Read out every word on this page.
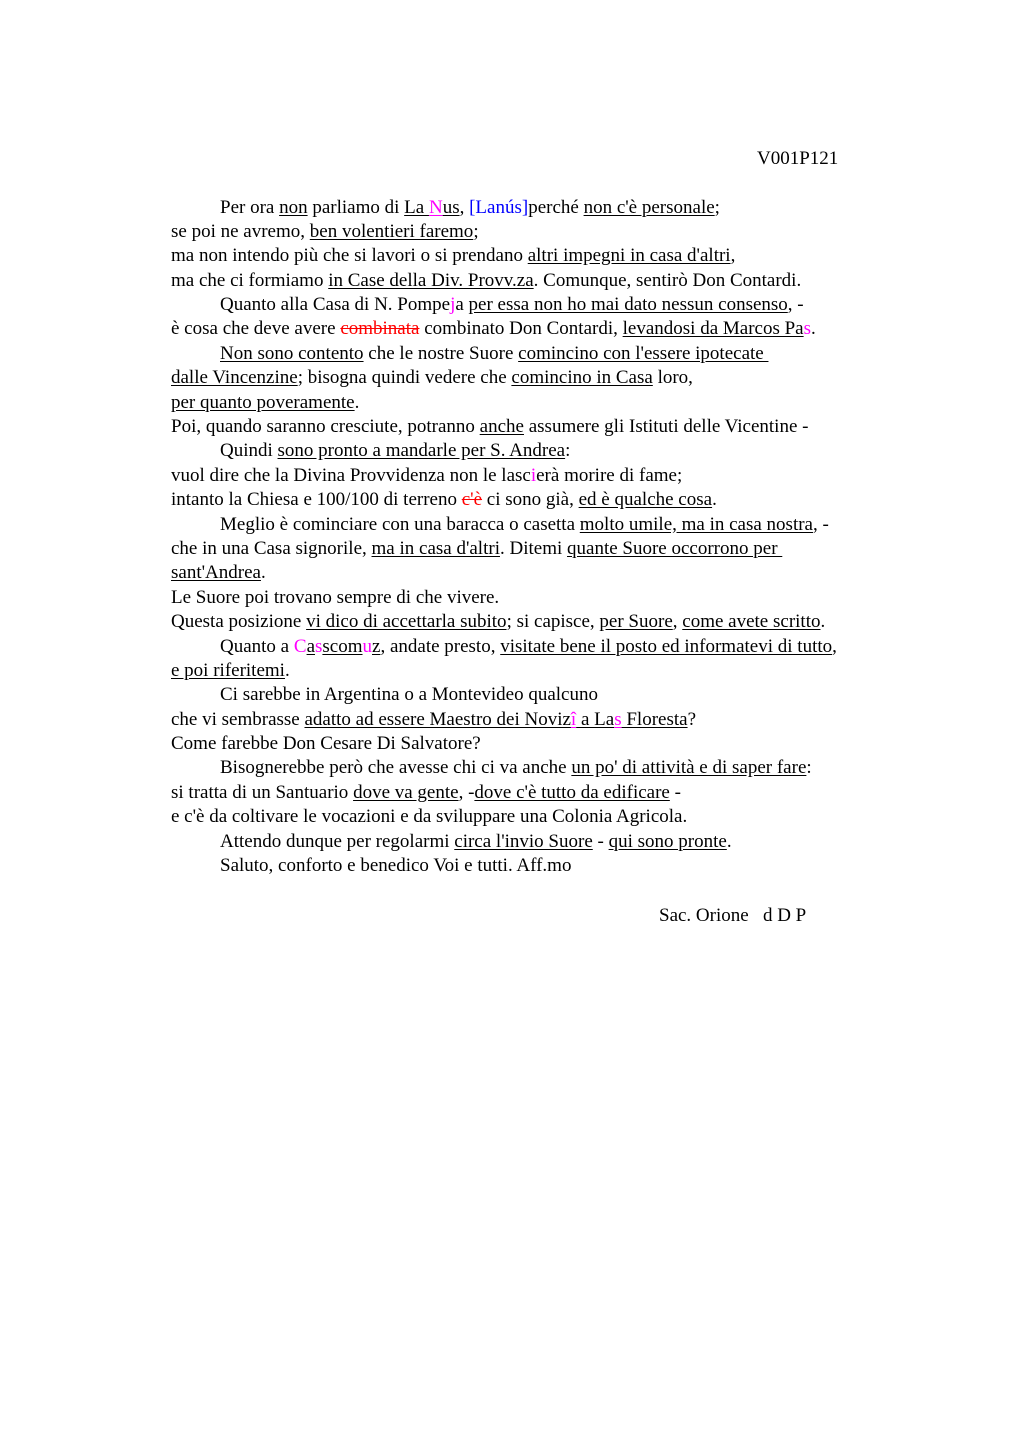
V001P121
Per ora non parliamo di La Nus, [Lanús]perché non c'è personale;
se poi ne avremo, ben volentieri faremo;
ma non intendo più che si lavori o si prendano altri impegni in casa d'altri,
ma che ci formiamo in Case della Div. Provv.za. Comunque, sentirò Don Contardi.
Quanto alla Casa di N. Pompeja per essa non ho mai dato nessun consenso, -
è cosa che deve avere combinata combinato Don Contardi, levandosi da Marcos Pas.
Non sono contento che le nostre Suore comincino con l'essere ipotecate
dalle Vincenzine; bisogna quindi vedere che comincino in Casa loro,
per quanto poveramente.
Poi, quando saranno cresciute, potranno anche assumere gli Istituti delle Vicentine -
Quindi sono pronto a mandarle per S. Andrea:
vuol dire che la Divina Provvidenza non le lascierà morire di fame;
intanto la Chiesa e 100/100 di terreno c'è ci sono già, ed è qualche cosa.
Meglio è cominciare con una baracca o casetta molto umile, ma in casa nostra, -
che in una Casa signorile, ma in casa d'altri. Ditemi quante Suore occorrono per
sant'Andrea.
Le Suore poi trovano sempre di che vivere.
Questa posizione vi dico di accettarla subito; si capisce, per Suore, come avete scritto.
Quanto a Casscomuz, andate presto, visitate bene il posto ed informatevi di tutto,
e poi riferitemi.
Ci sarebbe in Argentina o a Montevideo qualcuno
che vi sembrasse adatto ad essere Maestro dei Novizî a Las Floresta?
Come farebbe Don Cesare Di Salvatore?
Bisognerebbe però che avesse chi ci va anche un po' di attività e di saper fare:
si tratta di un Santuario dove va gente, -dove c'è tutto da edificare -
e c'è da coltivare le vocazioni e da sviluppare una Colonia Agricola.
Attendo dunque per regolarmi circa l'invio Suore - qui sono pronte.
Saluto, conforto e benedico Voi e tutti. Aff.mo
Sac. Orione   d D P
